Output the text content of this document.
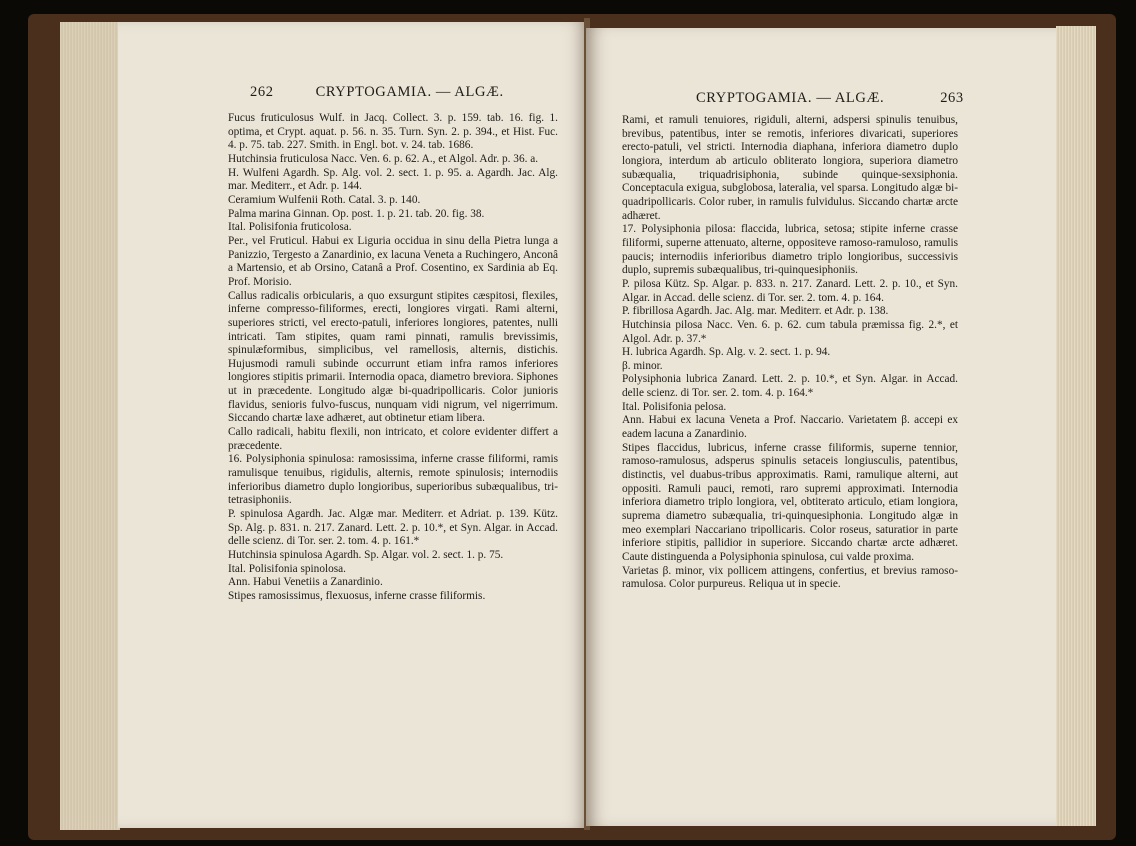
262	CRYPTOGAMIA. — ALGÆ.

Fucus fruticulosus Wulf. in Jacq. Collect. 3. p. 159. tab. 16. fig. 1. optima, et Crypt. aquat. p. 56. n. 35. Turn. Syn. 2. p. 394., et Hist. Fuc. 4. p. 75. tab. 227. Smith. in Engl. bot. v. 24. tab. 1686.

Hutchinsia fruticulosa Nacc. Ven. 6. p. 62. A., et Algol. Adr. p. 36. a.

H. Wulfeni Agardh. Sp. Alg. vol. 2. sect. 1. p. 95. a. Agardh. Jac. Alg. mar. Mediterr., et Adr. p. 144.

Ceramium Wulfenii Roth. Catal. 3. p. 140.

Palma marina Ginnan. Op. post. 1. p. 21. tab. 20. fig. 38.

Ital. Polisifonia fruticolosa.

Per., vel Fruticul. Habui ex Liguria occidua in sinu della Pietra lunga a Panizzio, Tergesto a Zanardinio, ex lacuna Veneta a Ruchingero, Anconâ a Martensio, et ab Orsino, Catanâ a Prof. Cosentino, ex Sardinia ab Eq. Prof. Morisio.

Callus radicalis orbicularis, a quo exsurgunt stipites cæspitosi, flexiles, inferne compresso-filiformes, erecti, longiores virgati. Rami alterni, superiores stricti, vel erecto-patuli, inferiores longiores, patentes, nulli intricati. Tam stipites, quam rami pinnati, ramulis brevissimis, spinulæformibus, simplicibus, vel ramellosis, alternis, distichis. Hujusmodi ramuli subinde occurrunt etiam infra ramos inferiores longiores stipitis primarii. Internodia opaca, diametro breviora. Siphones ut in præcedente. Longitudo algæ bi-quadripollicaris. Color junioris flavidus, senioris fulvo-fuscus, nunquam vidi nigrum, vel nigerrimum. Siccando chartæ laxe adhæret, aut obtinetur etiam libera.

Callo radicali, habitu flexili, non intricato, et colore evidenter differt a præcedente.

16. Polysiphonia spinulosa: ramosissima, inferne crasse filiformi, ramis ramulisque tenuibus, rigidulis, alternis, remote spinulosis; internodiis inferioribus diametro duplo longioribus, superioribus subæqualibus, tri-tetrasiphoniis.

P. spinulosa Agardh. Jac. Algæ mar. Mediterr. et Adriat. p. 139. Kütz. Sp. Alg. p. 831. n. 217. Zanard. Lett. 2. p. 10.*, et Syn. Algar. in Accad. delle scienz. di Tor. ser. 2. tom. 4. p. 161.*

Hutchinsia spinulosa Agardh. Sp. Algar. vol. 2. sect. 1. p. 75.

Ital. Polisifonia spinolosa.

Ann. Habui Venetiis a Zanardinio.

Stipes ramosissimus, flexuosus, inferne crasse filiformis.

CRYPTOGAMIA. — ALGÆ.	263

Rami, et ramuli tenuiores, rigiduli, alterni, adspersi spinulis tenuibus, brevibus, patentibus, inter se remotis, inferiores divaricati, superiores erecto-patuli, vel stricti. Internodia diaphana, inferiora diametro duplo longiora, interdum ab articulo obliterato longiora, superiora diametro subæqualia, triquadrisiphonia, subinde quinque-sexsiphonia. Conceptacula exigua, subglobosa, lateralia, vel sparsa. Longitudo algæ bi-quadripollicaris. Color ruber, in ramulis fulvidulus. Siccando chartæ arcte adhæret.

17. Polysiphonia pilosa: flaccida, lubrica, setosa; stipite inferne crasse filiformi, superne attenuato, alterne, oppositeve ramoso-ramuloso, ramulis paucis; internodiis inferioribus diametro triplo longioribus, successivis duplo, supremis subæqualibus, tri-quinquesiphoniis.

P. pilosa Kütz. Sp. Algar. p. 833. n. 217. Zanard. Lett. 2. p. 10., et Syn. Algar. in Accad. delle scienz. di Tor. ser. 2. tom. 4. p. 164.

P. fibrillosa Agardh. Jac. Alg. mar. Mediterr. et Adr. p. 138.

Hutchinsia pilosa Nacc. Ven. 6. p. 62. cum tabula præmissa fig. 2.*, et Algol. Adr. p. 37.*

H. lubrica Agardh. Sp. Alg. v. 2. sect. 1. p. 94.

β. minor.

Polysiphonia lubrica Zanard. Lett. 2. p. 10.*, et Syn. Algar. in Accad. delle scienz. di Tor. ser. 2. tom. 4. p. 164.*

Ital. Polisifonia pelosa.

Ann. Habui ex lacuna Veneta a Prof. Naccario. Varietatem β. accepi ex eadem lacuna a Zanardinio.

Stipes flaccidus, lubricus, inferne crasse filiformis, superne tennior, ramoso-ramulosus, adsperus spinulis setaceis longiusculis, patentibus, distinctis, vel duabus-tribus approximatis. Rami, ramulique alterni, aut oppositi. Ramuli pauci, remoti, raro supremi approximati. Internodia inferiora diametro triplo longiora, vel, obtiterato articulo, etiam longiora, suprema diametro subæqualia, tri-quinquesiphonia. Longitudo algæ in meo exemplari Naccariano tripollicaris. Color roseus, saturatior in parte inferiore stipitis, pallidior in superiore. Siccando chartæ arcte adhæret. Caute distinguenda a Polysiphonia spinulosa, cui valde proxima.

Varietas β. minor, vix pollicem attingens, confertius, et brevius ramoso-ramulosa. Color purpureus. Reliqua ut in specie.
